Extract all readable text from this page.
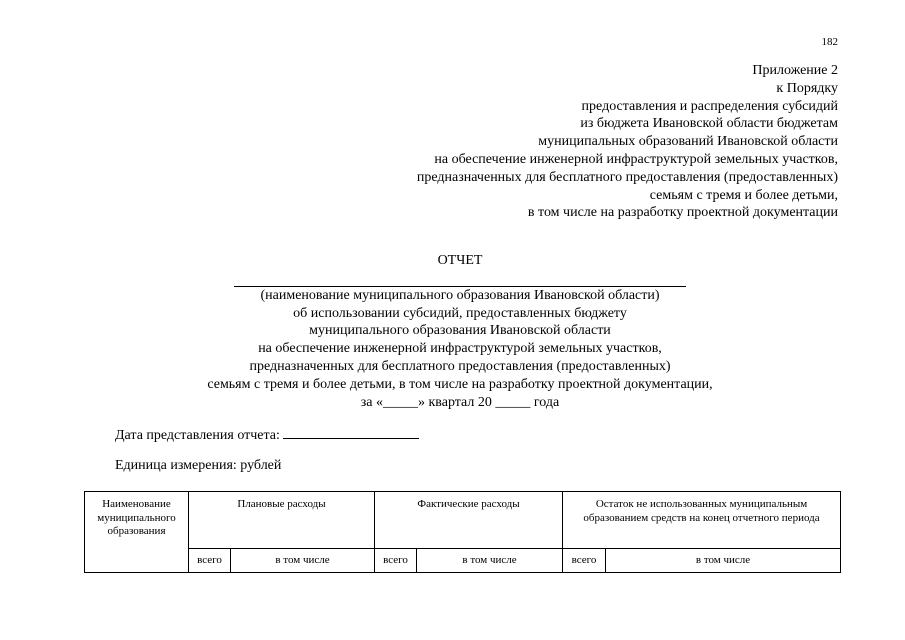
182
Приложение 2
к Порядку
предоставления и распределения субсидий
из бюджета Ивановской области бюджетам
муниципальных образований Ивановской области
на обеспечение инженерной инфраструктурой земельных участков,
предназначенных для бесплатного предоставления (предоставленных)
семьям с тремя и более детьми,
в том числе на разработку проектной документации
ОТЧЕТ
(наименование муниципального образования Ивановской области)
об использовании субсидий, предоставленных бюджету
муниципального образования Ивановской области
на обеспечение инженерной инфраструктурой земельных участков,
предназначенных для бесплатного предоставления (предоставленных)
семьям с тремя и более детьми, в том числе на разработку проектной документации,
за «_____» квартал 20 _____ года
Дата представления отчета:
Единица измерения: рублей
Наименование муниципального образования	Плановые расходы		Фактические расходы		Остаток не использованных муниципальным образованием средств на конец отчетного периода	
	всего	в том числе	всего	в том числе	всего	в том числе
